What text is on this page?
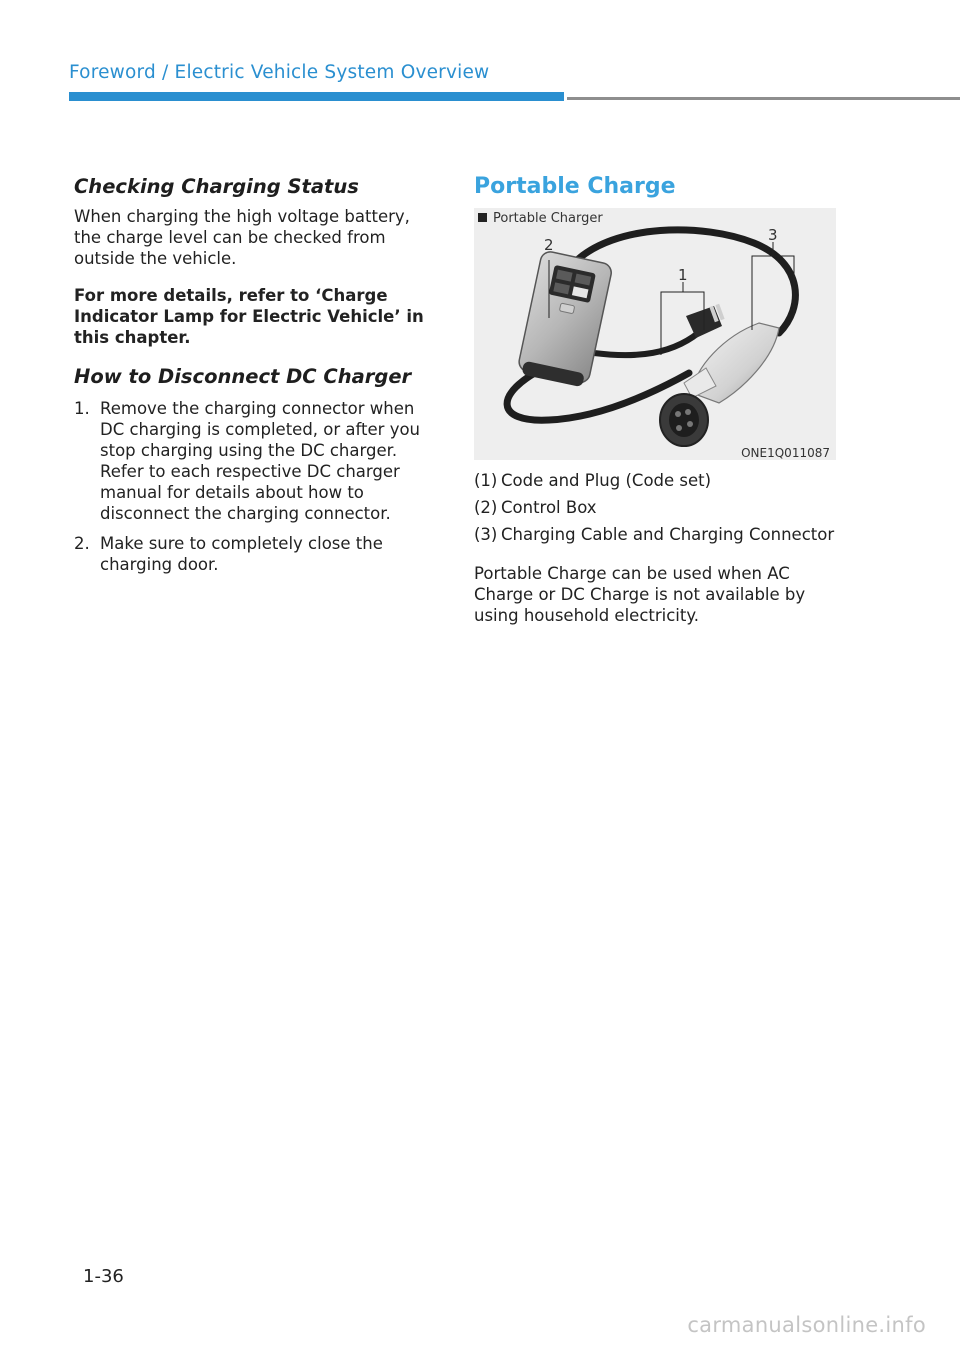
Foreword / Electric Vehicle System Overview
Checking Charging Status

When charging the high voltage battery, the charge level can be checked from outside the vehicle.

For more details, refer to ‘Charge Indicator Lamp for Electric Vehicle’ in this chapter.

How to Disconnect DC Charger
1. Remove the charging connector when DC charging is completed, or after you stop charging using the DC charger. Refer to each respective DC charger manual for details about how to disconnect the charging connector.
2. Make sure to completely close the charging door.
Portable Charge
1
2
3
Portable Charger
ONE1Q011087
(1) Code and Plug (Code set)
(2) Control Box
(3) Charging Cable and Charging Connector

Portable Charge can be used when AC Charge or DC Charge is not available by using household electricity.

1-36
carmanualsonline.info
